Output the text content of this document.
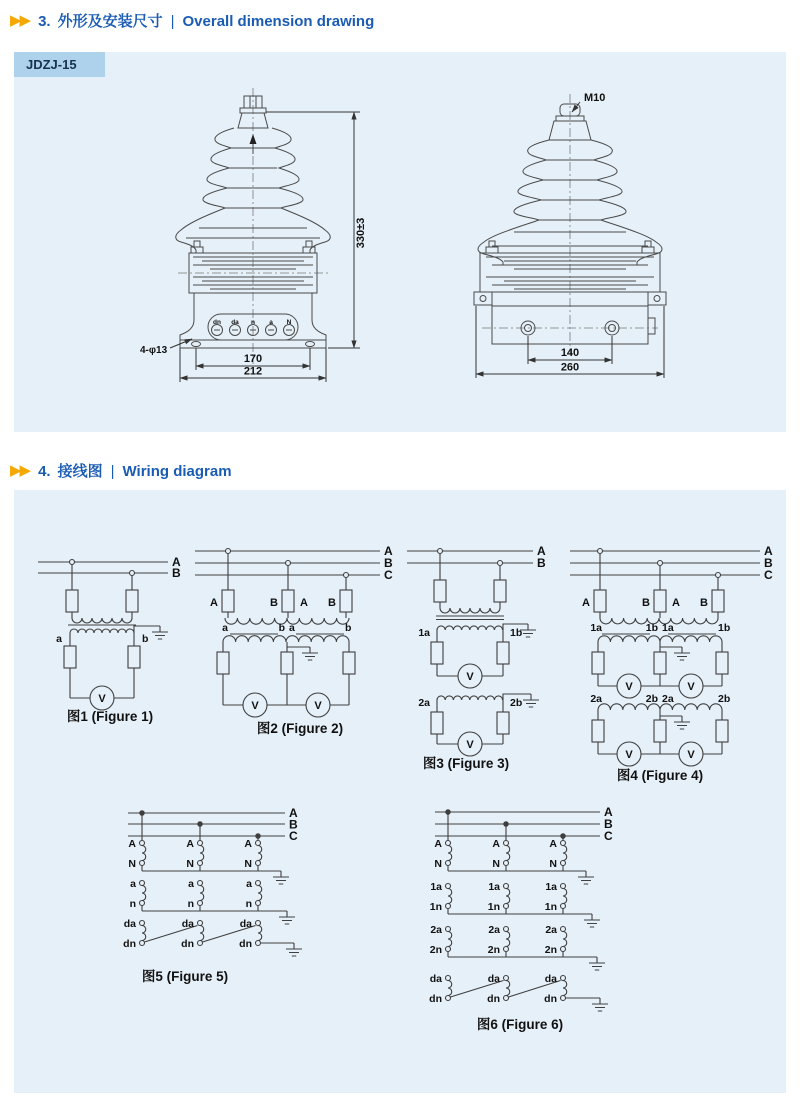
▶▶ 3. 外形及安装尺寸 | Overall dimension drawing
JDZJ-15
dn da n a N
330±3
170
212
4-φ13
M10
140
260
▶▶ 4. 接线图 | Wiring diagram
A
B
a	b
V
图1 (Figure 1)
A
B
C
A	B A B
a	b a	b
V	V
图2 (Figure 2)
A
B
1a	1b
2a	2b
V
V
图3 (Figure 3)
A
B
C
A	B A B
1a	1b 1a	1b
2a	2b 2a	2b
V	V
V	V
图4 (Figure 4)
A
B
C
A	A	A
N	N	N
a	a	a
n	n	n
da	da	da
dn	dn	dn
图5 (Figure 5)
A
B
C
A	A	A
N	N	N
1a	1a	1a
1n	1n	1n
2a	2a	2a
2n	2n	2n
da	da	da
dn	dn	dn
图6 (Figure 6)
